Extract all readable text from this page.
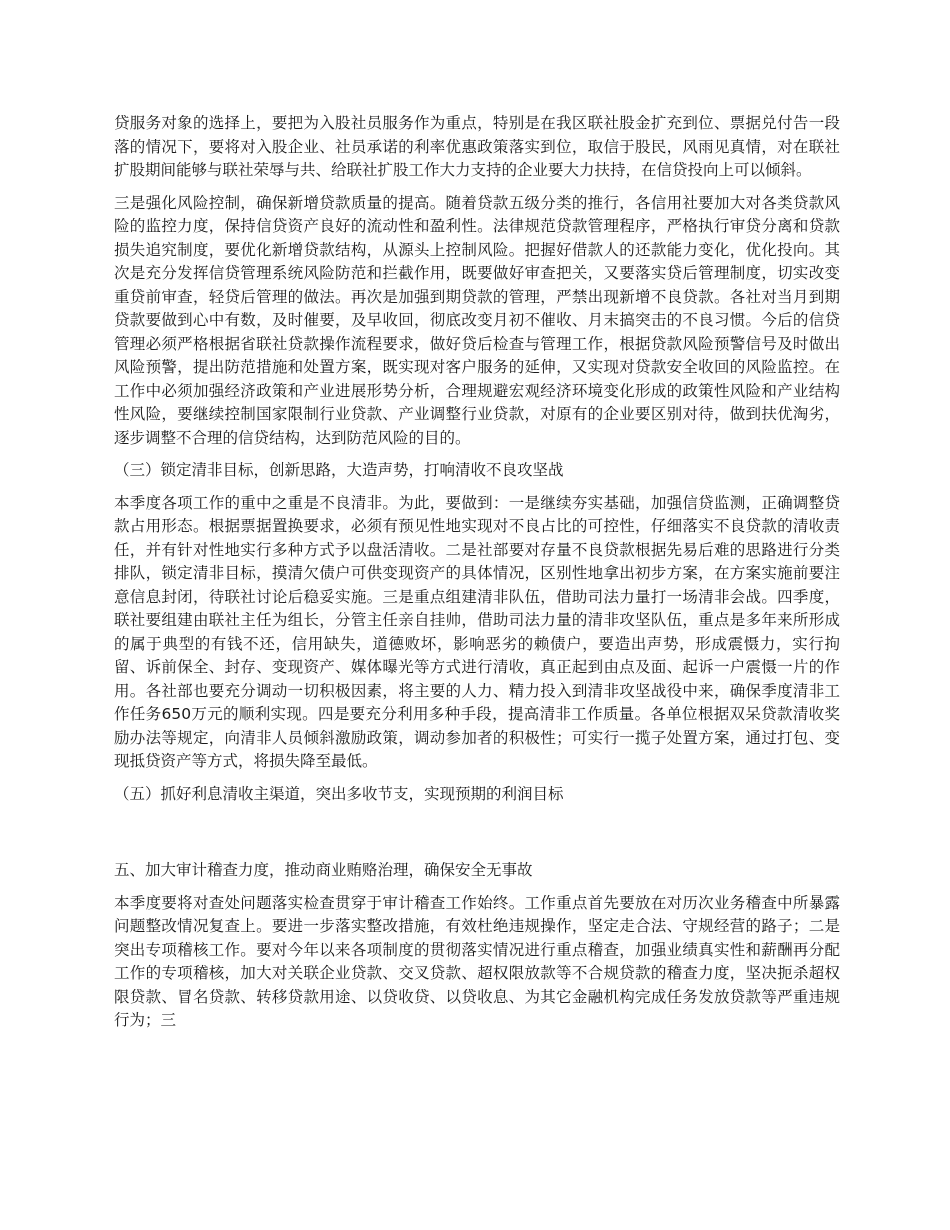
贷服务对象的选择上，要把为入股社员服务作为重点，特别是在我区联社股金扩充到位、票据兑付告一段落的情况下，要将对入股企业、社员承诺的利率优惠政策落实到位，取信于股民，风雨见真情，对在联社扩股期间能够与联社荣辱与共、给联社扩股工作大力支持的企业要大力扶持，在信贷投向上可以倾斜。

三是强化风险控制，确保新增贷款质量的提高。随着贷款五级分类的推行，各信用社要加大对各类贷款风险的监控力度，保持信贷资产良好的流动性和盈利性。法律规范贷款管理程序，严格执行审贷分离和贷款损失追究制度，要优化新增贷款结构，从源头上控制风险。把握好借款人的还款能力变化，优化投向。其次是充分发挥信贷管理系统风险防范和拦截作用，既要做好审查把关，又要落实贷后管理制度，切实改变重贷前审查，轻贷后管理的做法。再次是加强到期贷款的管理，严禁出现新增不良贷款。各社对当月到期贷款要做到心中有数，及时催要，及早收回，彻底改变月初不催收、月末搞突击的不良习惯。今后的信贷管理必须严格根据省联社贷款操作流程要求，做好贷后检查与管理工作，根据贷款风险预警信号及时做出风险预警，提出防范措施和处置方案，既实现对客户服务的延伸，又实现对贷款安全收回的风险监控。在工作中必须加强经济政策和产业进展形势分析，合理规避宏观经济环境变化形成的政策性风险和产业结构性风险，要继续控制国家限制行业贷款、产业调整行业贷款，对原有的企业要区别对待，做到扶优淘劣，逐步调整不合理的信贷结构，达到防范风险的目的。

（三）锁定清非目标，创新思路，大造声势，打响清收不良攻坚战

本季度各项工作的重中之重是不良清非。为此，要做到：一是继续夯实基础，加强信贷监测，正确调整贷款占用形态。根据票据置换要求，必须有预见性地实现对不良占比的可控性，仔细落实不良贷款的清收责任，并有针对性地实行多种方式予以盘活清收。二是社部要对存量不良贷款根据先易后难的思路进行分类排队，锁定清非目标，摸清欠债户可供变现资产的具体情况，区别性地拿出初步方案，在方案实施前要注意信息封闭，待联社讨论后稳妥实施。三是重点组建清非队伍，借助司法力量打一场清非会战。四季度，联社要组建由联社主任为组长，分管主任亲自挂帅，借助司法力量的清非攻坚队伍，重点是多年来所形成的属于典型的有钱不还，信用缺失，道德败坏，影响恶劣的赖债户，要造出声势，形成震慑力，实行拘留、诉前保全、封存、变现资产、媒体曝光等方式进行清收，真正起到由点及面、起诉一户震慑一片的作用。各社部也要充分调动一切积极因素，将主要的人力、精力投入到清非攻坚战役中来，确保季度清非工作任务650万元的顺利实现。四是要充分利用多种手段，提高清非工作质量。各单位根据双呆贷款清收奖励办法等规定，向清非人员倾斜激励政策，调动参加者的积极性；可实行一揽子处置方案，通过打包、变现抵贷资产等方式，将损失降至最低。

（五）抓好利息清收主渠道，突出多收节支，实现预期的利润目标

五、加大审计稽查力度，推动商业贿赂治理，确保安全无事故

本季度要将对查处问题落实检查贯穿于审计稽查工作始终。工作重点首先要放在对历次业务稽查中所暴露问题整改情况复查上。要进一步落实整改措施，有效杜绝违规操作，坚定走合法、守规经营的路子；二是突出专项稽核工作。要对今年以来各项制度的贯彻落实情况进行重点稽查，加强业绩真实性和薪酬再分配工作的专项稽核，加大对关联企业贷款、交叉贷款、超权限放款等不合规贷款的稽查力度，坚决扼杀超权限贷款、冒名贷款、转移贷款用途、以贷收贷、以贷收息、为其它金融机构完成任务发放贷款等严重违规行为；三
